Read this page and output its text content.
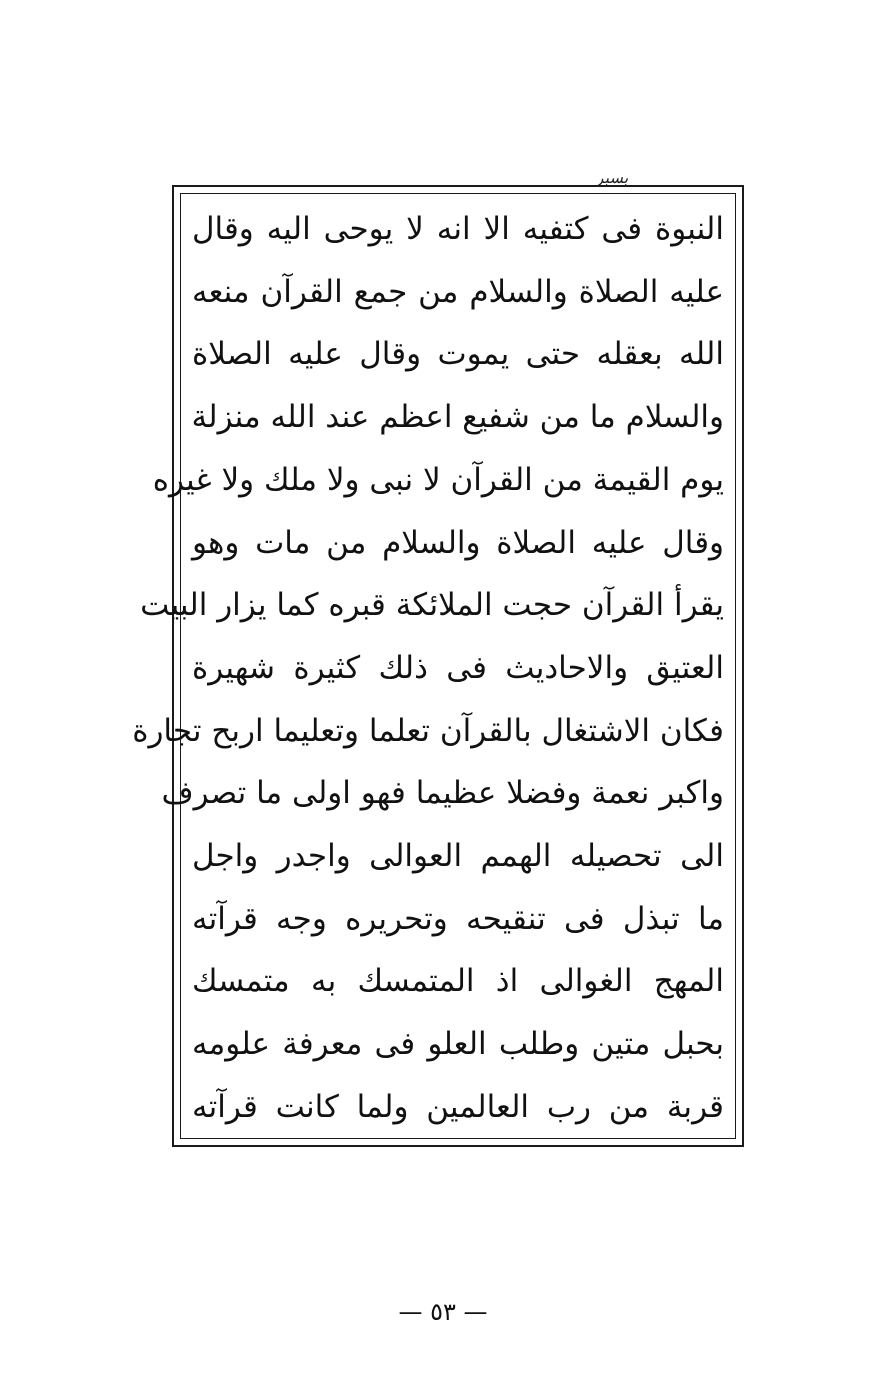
بسبر
النبوة فى كتفيه الا انه لا يوحى اليه وقال
عليه الصلاة والسلام من جمع القرآن منعه
الله بعقله حتى يموت وقال عليه الصلاة
والسلام ما من شفيع اعظم عند الله منزلة
يوم القيمة من القرآن لا نبى ولا ملك ولا غيره
وقال عليه الصلاة والسلام من مات وهو
يقرأ القرآن حجت الملائكة قبره كما يزار البيت
العتيق والاحاديث فى ذلك كثيرة شهيرة
فكان الاشتغال بالقرآن تعلما وتعليما اربح تجارة
واكبر نعمة وفضلا عظيما فهو اولى ما تصرف
الى تحصيله الهمم العوالى واجدر واجل
ما تبذل فى تنقيحه وتحريره وجه قرآته
المهج الغوالى اذ المتمسك به متمسك
بحبل متين وطلب العلو فى معرفة علومه
قربة من رب العالمين ولما كانت قرآته
— ٥٣ —
